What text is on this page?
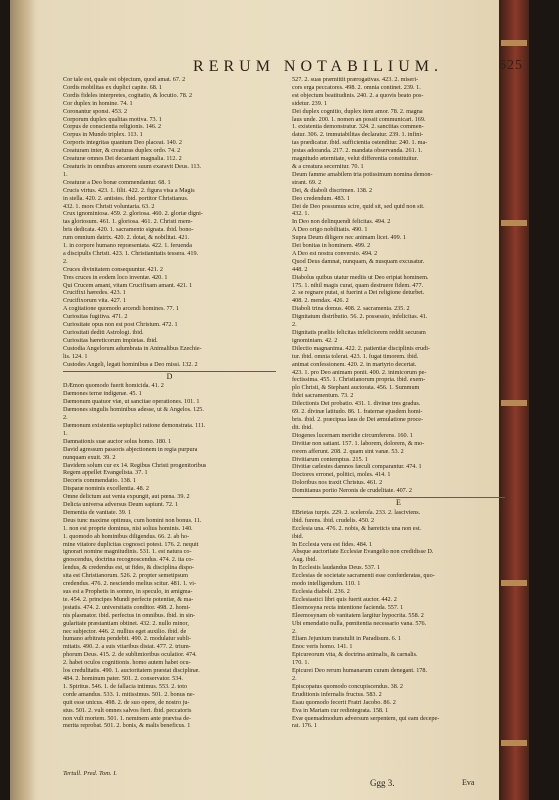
RERUM NOTABILIUM.	625
Cor tale est, quale est objectum, quod amat. 67. 2
Cordis mobilitas ex duplici capite. 68. 1
Cordis fideles interpretes, cogitatio, & locutio. 78. 2
Cor duplex in homine. 74. 1
Coronantur sponsi. 453. 2
Corporum duplex qualitas motiva. 73. 1
Corpus de conscientia religionis. 146. 2
Corpus in Mundo triplex. 113. 1
Corporis integritas quantum Deo placeat. 140. 2
Creaturam inter, & creaturas duplex ordo. 74. 2
Creaturæ omnes Dei decantant magnalia. 112. 2
Creaturis in omnibus amorem suum exaravit Deus. 113.
1.
Creaturæ a Deo bonæ commendantur. 68. 1
Crucis virtus. 423. 1. filii. 422. 2. figura visa a Magis
in stella. 420. 2. antistes. ibid. portitor Christianus.
432. 1. mors Christi voluntaria. 63. 2
Crux ignominiosa. 459. 2. gloriosa. 460. 2. gloriæ digni-
tas gloriosum. 461. 1. gloriosa. 461. 2. Christi mem-
bris dedicata. 420. 1. sacramento signata. ibid. bono-
rum omnium datrix. 420. 2. dotat, & nobilitat. 421.
1. in corpore humano repræsentata. 422. 1. feruenda
a discipulis Christi. 423. 1. Christianitatis tessera. 419.
2.
Cruces divinitatem consequuntur. 421. 2
Tres cruces in eodem loco inventæ. 420. 1
Qui Crucem amant, vitam Crucifixam amant. 421. 1
Crucifixi hæredes. 423. 1
Crucifixorum vita. 427. 1
A cogitatione quomodo arcendi homines. 77. 1
Curiositas fugitiva. 471. 2
Curiositate opus non est post Christum. 472. 1
Curiositati dediti Astrologi. ibid.
Curiositas hæreticorum impietas. ibid.
Custodia Angelorum adumbrata in Animalibus Ezechie-
lis. 124. 1
Custodes Angeli, legati hominibus a Deo missi. 132. 2
D
DÆmon quomodo fuerit homicida. 41. 2
Dæmones terræ indigenæ. 45. 1
Dæmonum quatuor viæ, ut sancitae operationes. 101. 1
Dæmones singulis hominibus adesse, ut & Angelos. 125.
2.
Dæmonum existentia septuplici ratione demonstrata. 111.
1.
Damnationis suæ auctor solus homo. 180. 1
David agressum passoris abjectionem in regia purpura
nunquam exuit. 39. 2
Davidem solum cur ex 14. Regibus Christi progenitoribus
Regem appellet Evangelista. 37. 1
Decoris commendatio. 138. 1
Disparæ nominis excellentia. 48. 2
Omne delictum aut venia expungit, aut pœna. 39. 2
Delicta universa adversus Deum sapiunt. 72. 1
Dementia de vanitate. 39. 1
Deus tunc maxime optimus, cum homini non bonus. 11.
1. non est proprie dominus, nisi solius hominis. 140.
1. quomodo ab hominibus diligendus. 66. 2. ab ho-
mine vitatore duplicitas cognosci potest. 176. 2. nequit
ignorari nomine magnitudinis. 531. 1. est natura co-
gnoscendus, doctrina recognoscendus. 474. 2. ita co-
lendus, & credendus est, ut fides, & disciplina dispo-
sita est Christianorum. 526. 2. propter semetipsum
credendus. 476. 2. nesciendo melius scitur. 481. 1. vi-
sus est a Prophetis in somno, in speculo, in ænigma-
te. 454. 2. principes Mundi perfecte potentiæ, & ma-
jestatis. 474. 2. universitatis conditor. 498. 2. homi-
nis plasmator. ibid. perfectus in omnibus. ibid. in sin-
gularitate præstantiam obtinet. 432. 2. nullo minor,
nec subjector. 446. 2. nullius eget auxilio. ibid. de
humano arbitratu pendebit. 490. 2. modulatur subli-
mitatis. 490. 2. a suis vitaribus distat. 477. 2. trium-
phorum Deus. 415. 2. de sublimioribus oculatior. 474.
2. habet oculos cognitionis. homo autem habet ocu-
los credulitatis. 490. 1. auctoritatem præstat disciplinæ.
484. 2. hominum pater. 501. 2. conservator. 534.
1. Spiritus. 546. 1. de fallacia intimus. 553. 2. toto
corde amandus. 533. 1. mitissimus. 501. 2. bonus ne-
quit esse unicus. 498. 2. de suo opere, de nostro ju-
stus. 501. 2. vult omnes salvos fieri. ibid. peccatoris
non vult mortem. 501. 1. neminem ante prævisa de-
merita reprobat. 501. 2. bonis, & malis beneficus. 1
527. 2. suas præmittit prærogativas. 423. 2. miseri-
cors erga peccatores. 498. 2. omnia continet. 239. 1.
est objectum beatitudinis. 240. 2. a quovis beato pos-
sidetur. 239. 1
Dei duplex cognitio, duplex item amor. 78. 2. magna
laus unde. 200. 1. nomen an possit communicari. 169.
1. existentia demonstratur. 324. 2. sanctitas commen-
datur. 306. 2. immutabilitas declaratur. 239. 1. infini-
tas prædicatur. ibid. sufficientia ostenditur. 240. 1. ma-
jestas adoranda. 217. 2. mandata observanda. 261. 1.
magnitudo æternitate, velut differentia constituitur.
& a creatura secernitur. 70. 1
Deum famme amabilem tria potissimum nomina demon-
strant. 69. 2
Dei, & diaboli discrimen. 138. 2
Deo credendum. 483. 1
Dei de Deo possumus scire, quid sit, sed quid non sit.
432. 1.
In Deo non delinquendi felicitas. 494. 2
A Deo origo nobilitatis. 490. 1
Supra Deum diligere nec animam licet. 499. 1
Dei bonitas in hominem. 499. 2
A Deo est nostra conversio. 494. 2
Quod Deus damnat, nunquam, & nusquam excusatur.
448. 2
Diabolus quibus utatur mediis ut Deo eripiat hominem.
175. 1. nihil magis curat, quam destruere fidem. 477.
2. se regnare putat, si fuerint a Dei religione deturbet.
408. 2. mendax. 426. 2
Diaboli trina domus. 408. 2. sacramenta. 235. 2
Dignitatum distributio. 56. 2. possessio, infelicitas. 41.
2.
Dignitatis præliis felicitas infeliciorem reddit securam
ignominiam. 42. 2
Dilectio magnanima. 422. 2. patientiæ disciplinis erudi-
tur. ibid. omnia tolerat. 423. 1. fugat timorem. ibid.
animat confessionem. 420. 2. in martyrio decertat.
423. 1. pro Deo animam ponit. 400. 2. inimicorum pe-
fectissima. 455. 1. Christianorum propria. ibid. exem-
plo Christi, & Stephani auctorata. 456. 1. Summum
fidei sacramentum. 73. 2
Dilectionis Dei probatio. 431. 1. divinæ tres gradus.
69. 2. divinæ latitudo. 86. 1. fraternæ ejusdem homi-
bris. ibid. 2. præcipua laus de Dei æmulatione proce-
dit. ibid.
Diogenes lucernam meridie circumferens. 160. 1
Divitiæ non satiant. 157. 1. laborem, dolorem, & mo-
rorem afferunt. 208. 2. quam sint vanæ. 53. 2
Divitiarum contemptus. 215. 1
Divitiæ cælestes damnos fæculi comparantur. 474. 1
Doctores erronei, politici, moles. 414. 1
Doloribus nos traxit Christus. 461. 2
Domitianus portio Neronis de crudelitate. 407. 2
E
EBrietas turpis. 229. 2. sceleroſa. 233. 2. lasciviens.
ibid. furens. ibid. crudelis. 450. 2
Ecclesia una. 476. 2. nobis, & hæreticis una non est.
ibid.
In Ecclesia vera est fides. 484. 1
Absque auctoritate Ecclesiæ Evangelio non credidisse D.
Aug. ibid.
In Ecclesiis laudandus Deus. 537. 1
Ecclesias de societate sacramenti esse confœderatas, quo-
modo intelligendum. 110. 1
Ecclesia diaboli. 236. 2
Ecclesiastici libri quis fuerit auctor. 442. 2
Eleemosyna recta intentione facienda. 557. 1
Eleemosynam ob vanitatem largitur hypocrita. 558. 2
Ubi emendatio nulla, pœnitentia necessario vana. 576.
2.
Eliam Jejunium transtulit in Paradisum. 6. 1
Enoc veris homo. 141. 1
Epicureorum vita, & doctrina animalis, & carnalis.
170. 1.
Epicurei Deo rerum humanarum curam denegant. 178.
2.
Episcopatus quomodo concupiscendus. 38. 2
Eruditionis infernalis fructus. 583. 2
Esau quomodo fecerit Fratri Jacobo. 86. 2
Eva in Mariam cur redintegrata. 158. 1
Evæ quemadmodum adversum serpentem, qui eam decepe-
rat. 176. 1
Tertull. Pred. Tom. I.
Ggg 3.	Eva
